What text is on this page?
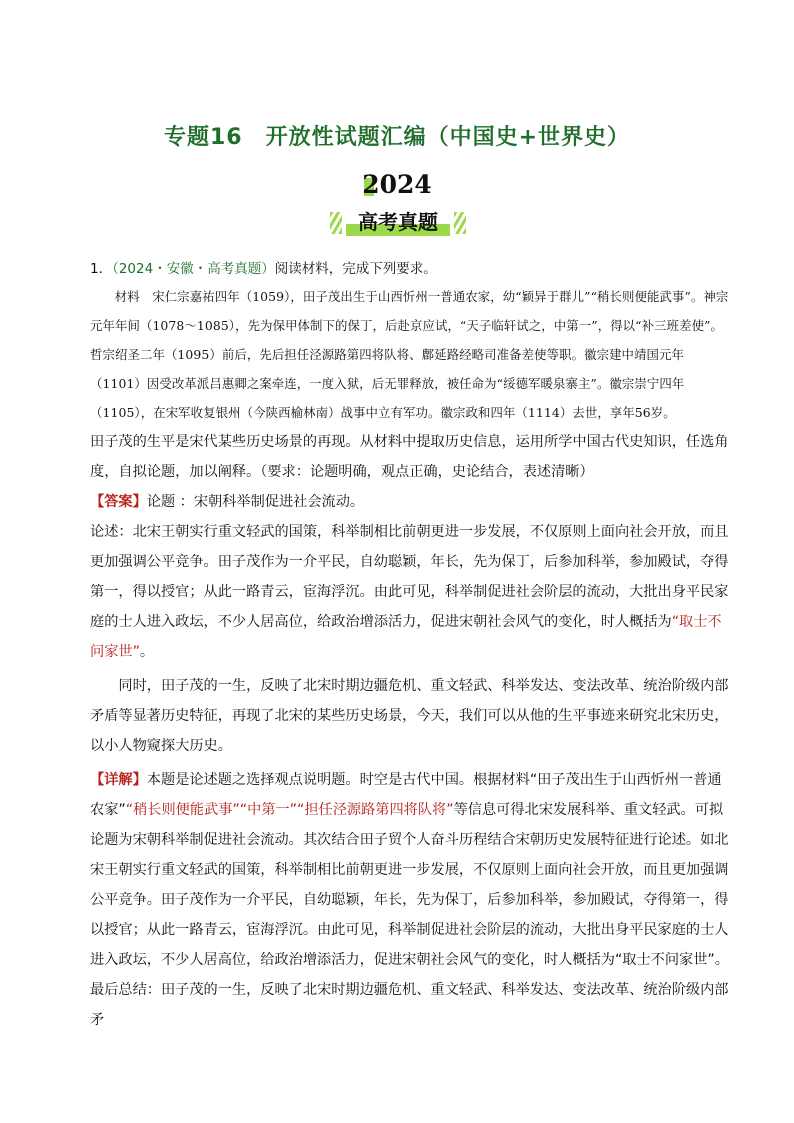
专题16　开放性试题汇编（中国史+世界史）
2024
高考真题

1．（2024・安徽・高考真题）阅读材料，完成下列要求。

材料　宋仁宗嘉祐四年（1059），田子茂出生于山西忻州一普通农家，幼“颖异于群儿”“稍长则便能武事”。神宗元年年间（1078～1085），先为保甲体制下的保丁，后赴京应试，“天子临轩试之，中第一”，得以“补三班差使”。哲宗绍圣二年（1095）前后，先后担任泾源路第四将队将、鄜延路经略司准备差使等职。徽宗建中靖国元年（1101）因受改革派吕惠卿之案牵连，一度入狱，后无罪释放，被任命为“绥德军暖泉寨主”。徽宗崇宁四年（1105），在宋军收复银州（今陕西榆林南）战事中立有军功。徽宗政和四年（1114）去世，享年56岁。

田子茂的生平是宋代某些历史场景的再现。从材料中提取历史信息，运用所学中国古代史知识，任选角度，自拟论题，加以阐释。（要求：论题明确，观点正确，史论结合，表述清晰）

【答案】论题 ：宋朝科举制促进社会流动。

论述：北宋王朝实行重文轻武的国策，科举制相比前朝更进一步发展，不仅原则上面向社会开放，而且更加强调公平竞争。田子茂作为一介平民，自幼聪颖，年长，先为保丁，后参加科举，参加殿试，夺得第一，得以授官；从此一路青云，宦海浮沉。由此可见，科举制促进社会阶层的流动，大批出身平民家庭的士人进入政坛，不少人居高位，给政治增添活力，促进宋朝社会风气的变化，时人概括为“取士不问家世”。

同时，田子茂的一生，反映了北宋时期边疆危机、重文轻武、科举发达、变法改革、统治阶级内部矛盾等显著历史特征，再现了北宋的某些历史场景，今天，我们可以从他的生平事迹来研究北宋历史，以小人物窥探大历史。

【详解】本题是论述题之选择观点说明题。时空是古代中国。根据材料“田子茂出生于山西忻州一普通农家”“稍长则便能武事”“中第一”“担任泾源路第四将队将”等信息可得北宋发展科举、重文轻武。可拟论题为宋朝科举制促进社会流动。其次结合田子贸个人奋斗历程结合宋朝历史发展特征进行论述。如北宋王朝实行重文轻武的国策，科举制相比前朝更进一步发展，不仅原则上面向社会开放，而且更加强调公平竞争。田子茂作为一介平民，自幼聪颖，年长，先为保丁，后参加科举，参加殿试，夺得第一，得以授官；从此一路青云，宦海浮沉。由此可见，科举制促进社会阶层的流动，大批出身平民家庭的士人进入政坛，不少人居高位，给政治增添活力，促进宋朝社会风气的变化，时人概括为“取士不问家世”。

最后总结：田子茂的一生，反映了北宋时期边疆危机、重文轻武、科举发达、变法改革、统治阶级内部矛
